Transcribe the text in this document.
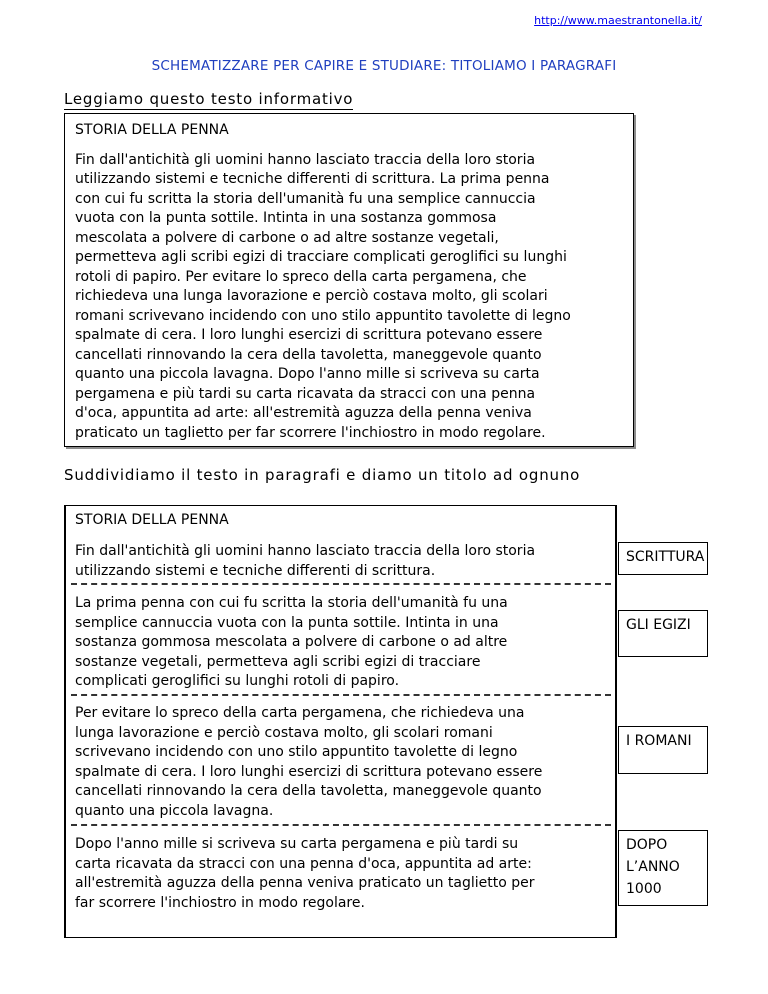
http://www.maestrantonella.it/
SCHEMATIZZARE PER CAPIRE E STUDIARE: TITOLIAMO I PARAGRAFI
Leggiamo questo testo informativo
STORIA DELLA PENNA
Fin dall'antichità gli uomini hanno lasciato traccia della loro storia
utilizzando sistemi e tecniche differenti di scrittura. La prima penna
con cui fu scritta la storia dell'umanità fu una semplice cannuccia
vuota con la punta sottile. Intinta in una sostanza gommosa
mescolata a polvere di carbone o ad altre sostanze vegetali,
permetteva agli scribi egizi di tracciare complicati geroglifici su lunghi
rotoli di papiro. Per evitare lo spreco della carta pergamena, che
richiedeva una lunga lavorazione e perciò costava molto, gli scolari
romani scrivevano incidendo con uno stilo appuntito tavolette di legno
spalmate di cera. I loro lunghi esercizi di scrittura potevano essere
cancellati rinnovando la cera della tavoletta, maneggevole quanto
quanto una piccola lavagna. Dopo l'anno mille si scriveva su carta
pergamena e più tardi su carta ricavata da stracci con una penna
d'oca, appuntita ad arte: all'estremità aguzza della penna veniva
praticato un taglietto per far scorrere l'inchiostro in modo regolare.
Suddividiamo il testo in paragrafi e diamo un titolo ad ognuno
STORIA DELLA PENNA
Fin dall'antichità gli uomini hanno lasciato traccia della loro storia
utilizzando sistemi e tecniche differenti di scrittura.
La prima penna con cui fu scritta la storia dell'umanità fu una
semplice cannuccia vuota con la punta sottile. Intinta in una
sostanza gommosa mescolata a polvere di carbone o ad altre
sostanze vegetali, permetteva agli scribi egizi di tracciare
complicati geroglifici su lunghi rotoli di papiro.
Per evitare lo spreco della carta pergamena, che richiedeva una
lunga lavorazione e perciò costava molto, gli scolari romani
scrivevano incidendo con uno stilo appuntito tavolette di legno
spalmate di cera. I loro lunghi esercizi di scrittura potevano essere
cancellati rinnovando la cera della tavoletta, maneggevole quanto
quanto una piccola lavagna.
Dopo l'anno mille si scriveva su carta pergamena e più tardi su
carta ricavata da stracci con una penna d'oca, appuntita ad arte:
all'estremità aguzza della penna veniva praticato un taglietto per
far scorrere l'inchiostro in modo regolare.
SCRITTURA
GLI EGIZI
I ROMANI
DOPO
L’ANNO
1000
